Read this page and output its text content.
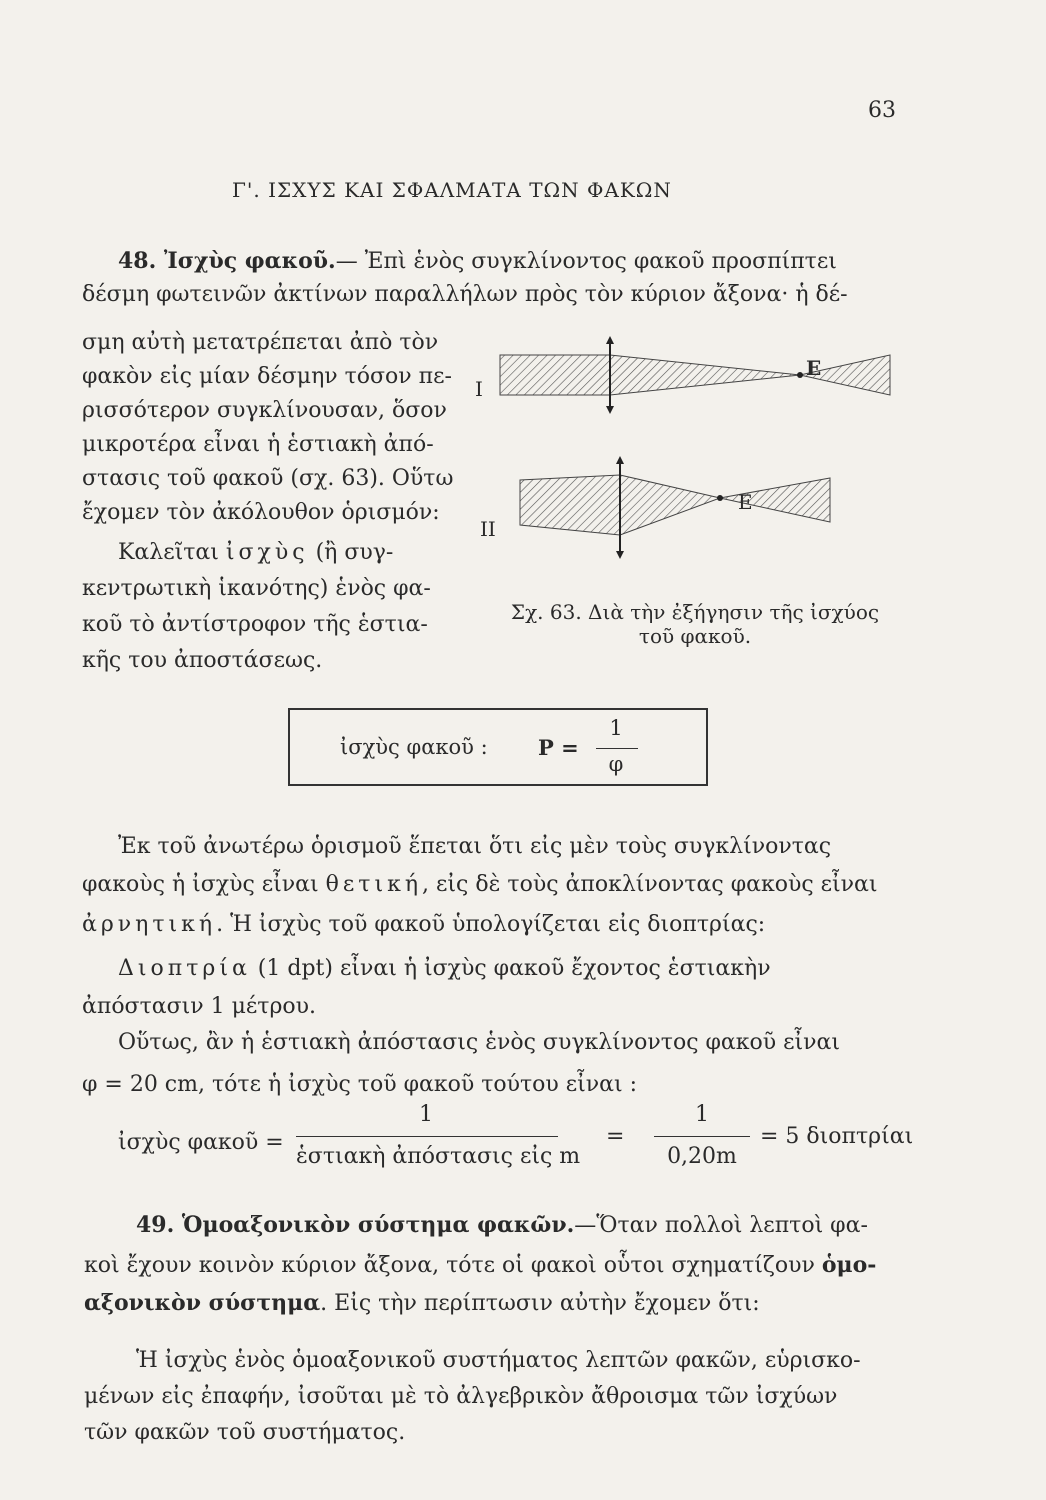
63
Γ'. ΙΣΧΥΣ ΚΑΙ ΣΦΑΛΜΑΤΑ ΤΩΝ ΦΑΚΩΝ
48. Ἰσχὺς φακοῦ.— Ἐπὶ ἑνὸς συγκλίνοντος φακοῦ προσπίπτει
δέσμη φωτεινῶν ἀκτίνων παραλλήλων πρὸς τὸν κύριον ἄξονα· ἡ δέ-
σμη αὐτὴ μετατρέπεται ἀπὸ τὸν
φακὸν εἰς μίαν δέσμην τόσον πε-
ρισσότερον συγκλίνουσαν, ὅσον
μικροτέρα εἶναι ἡ ἑστιακὴ ἀπό-
στασις τοῦ φακοῦ (σχ. 63). Οὕτω
ἔχομεν τὸν ἀκόλουθον ὁρισμόν:
Καλεῖται ἰσχὺς (ἢ συγ-
κεντρωτικὴ ἱκανότης) ἑνὸς φα-
κοῦ τὸ ἀντίστροφον τῆς ἑστια-
κῆς του ἀποστάσεως.
I
II
E
E
Σχ. 63. Διὰ τὴν ἐξήγησιν τῆς ἰσχύος
τοῦ φακοῦ.
ἰσχὺς φακοῦ : P =
1
φ
Ἐκ τοῦ ἀνωτέρω ὁρισμοῦ ἕπεται ὅτι εἰς μὲν τοὺς συγκλίνοντας
φακοὺς ἡ ἰσχὺς εἶναι θετική, εἰς δὲ τοὺς ἀποκλίνοντας φακοὺς εἶναι
ἀρνητική. Ἡ ἰσχὺς τοῦ φακοῦ ὑπολογίζεται εἰς διοπτρίας:
Διοπτρία (1 dpt) εἶναι ἡ ἰσχὺς φακοῦ ἔχοντος ἑστιακὴν
ἀπόστασιν 1 μέτρου.
Οὕτως, ἂν ἡ ἑστιακὴ ἀπόστασις ἑνὸς συγκλίνοντος φακοῦ εἶναι
φ = 20 cm, τότε ἡ ἰσχὺς τοῦ φακοῦ τούτου εἶναι :
ἰσχὺς φακοῦ =
1
ἑστιακὴ ἀπόστασις εἰς m
=
1
0,20m
= 5 διοπτρίαι
49. Ὁμοαξονικὸν σύστημα φακῶν.—Ὅταν πολλοὶ λεπτοὶ φα-
κοὶ ἔχουν κοινὸν κύριον ἄξονα, τότε οἱ φακοὶ οὗτοι σχηματίζουν ὁμο-
αξονικὸν σύστημα. Εἰς τὴν περίπτωσιν αὐτὴν ἔχομεν ὅτι:
Ἡ ἰσχὺς ἑνὸς ὁμοαξονικοῦ συστήματος λεπτῶν φακῶν, εὑρισκο-
μένων εἰς ἐπαφήν, ἰσοῦται μὲ τὸ ἀλγεβρικὸν ἄθροισμα τῶν ἰσχύων
τῶν φακῶν τοῦ συστήματος.
